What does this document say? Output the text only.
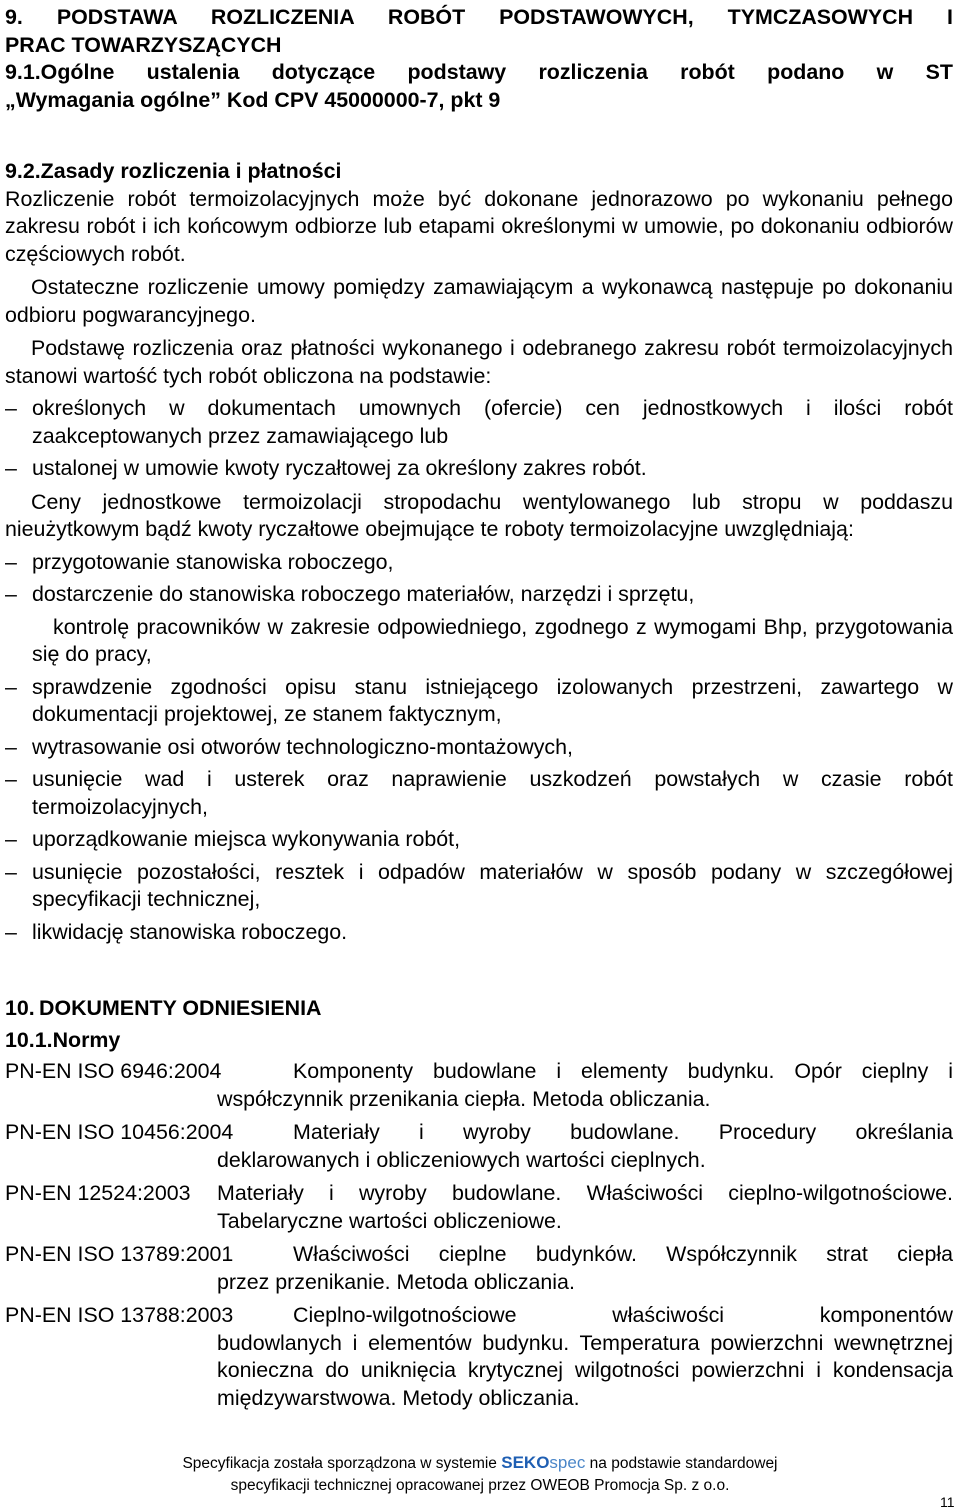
9. PODSTAWA ROZLICZENIA ROBÓT PODSTAWOWYCH, TYMCZASOWYCH I
PRAC TOWARZYSZĄCYCH
9.1.Ogólne ustalenia dotyczące podstawy rozliczenia robót podano w ST
„Wymagania ogólne” Kod CPV 45000000-7, pkt 9
9.2.Zasady rozliczenia i płatności

Rozliczenie robót termoizolacyjnych może być dokonane jednorazowo po wykonaniu pełnego zakresu robót i ich końcowym odbiorze lub etapami określonymi w umowie, po dokonaniu odbiorów częściowych robót.

Ostateczne rozliczenie umowy pomiędzy zamawiającym a wykonawcą następuje po dokonaniu odbioru pogwarancyjnego.

Podstawę rozliczenia oraz płatności wykonanego i odebranego zakresu robót termoizolacyjnych stanowi wartość tych robót obliczona na podstawie:

– określonych w dokumentach umownych (ofercie) cen jednostkowych i ilości robót zaakceptowanych przez zamawiającego lub
– ustalonej w umowie kwoty ryczałtowej za określony zakres robót.

Ceny jednostkowe termoizolacji stropodachu wentylowanego lub stropu w poddaszu nieużytkowym bądź kwoty ryczałtowe obejmujące te roboty termoizolacyjne uwzględniają:

– przygotowanie stanowiska roboczego,
– dostarczenie do stanowiska roboczego materiałów, narzędzi i sprzętu,
kontrolę pracowników w zakresie odpowiedniego, zgodnego z wymogami Bhp, przygotowania się do pracy,
– sprawdzenie zgodności opisu stanu istniejącego izolowanych przestrzeni, zawartego w dokumentacji projektowej, ze stanem faktycznym,
– wytrasowanie osi otworów technologiczno-montażowych,
– usunięcie wad i usterek oraz naprawienie uszkodzeń powstałych w czasie robót termoizolacyjnych,
– uporządkowanie miejsca wykonywania robót,
– usunięcie pozostałości, resztek i odpadów materiałów w sposób podany w szczegółowej specyfikacji technicznej,
– likwidację stanowiska roboczego.
10. DOKUMENTY ODNIESIENIA
10.1.Normy
PN-EN ISO 6946:2004	Komponenty budowlane i elementy budynku. Opór cieplny i
współczynnik przenikania ciepła. Metoda obliczania.
PN-EN ISO 10456:2004	Materiały i wyroby budowlane. Procedury określania
deklarowanych i obliczeniowych wartości cieplnych.
PN-EN 12524:2003	Materiały i wyroby budowlane. Właściwości cieplno-wilgotnościowe.
Tabelaryczne wartości obliczeniowe.
PN-EN ISO 13789:2001	Właściwości cieplne budynków. Współczynnik strat ciepła
przez przenikanie. Metoda obliczania.
PN-EN ISO 13788:2003	Cieplno-wilgotnościowe właściwości komponentów
budowlanych i elementów budynku. Temperatura powierzchni wewnętrznej konieczna do uniknięcia krytycznej wilgotności powierzchni i kondensacja międzywarstwowa. Metody obliczania.
Specyfikacja została sporządzona w systemie SEKOspec na podstawie standardowej
specyfikacji technicznej opracowanej przez OWEOB Promocja Sp. z o.o.
11
